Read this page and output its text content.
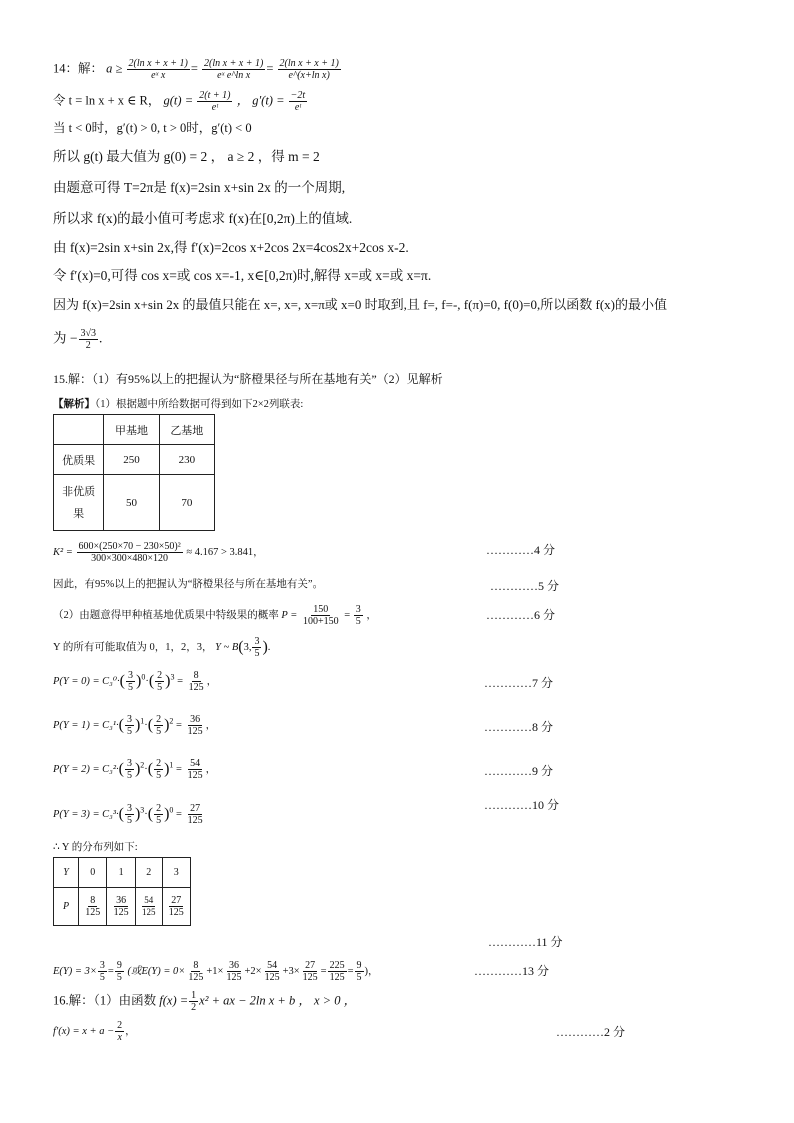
14：解： $a \ge \frac{\text{2(ln x + x + 1)}}{\text{eˣ x}} = \frac{\text{2(ln x + x + 1)}}{\text{eˣ e\textasciicircum{}ln x}} = \frac{\text{2(ln x + x + 1)}}{\text{e\textasciicircum{}(x+ln x)}}$
令 t = ln x + x ∈ R， $g(t) = \frac{2(t + 1)}{\text{eᵗ}}$ ， $g'(t) = \frac{-2t}{\text{eᵗ}}$
当 t < 0时，g′(t) > 0, t > 0时，g′(t) < 0
所以 g(t) 最大值为 g(0) = 2 ， a ≥ 2 ，得 m = 2
由题意可得 T=2π是 f(x)=2sin x+sin 2x 的一个周期,
所以求 f(x)的最小值可考虑求 f(x)在[0,2π)上的值域.
由 f(x)=2sin x+sin 2x,得 f′(x)=2cos x+2cos 2x=4cos2x+2cos x-2.
令 f′(x)=0,可得 cos x=或 cos x=-1, x∈[0,2π)时,解得 x=或 x=或 x=π.
因为 f(x)=2sin x+sin 2x 的最值只能在 x=, x=, x=π或 x=0 时取到,且 f=, f=-, f(π)=0, f(0)=0,所以函数 f(x)的最小值
为 − $\frac{3√3}{2}$ .
15.解：（1）有95%以上的把握认为“脐橙果径与所在基地有关”（2）见解析
【解析】（1）根据题中所给数据可得到如下2×2列联表:
	甲基地	乙基地
优质果	250	230
非优质
果	50	70
$K^2 = \frac{\text{600×(250×70 − 230×50)²}}{300\times 300\times 480\times 120} \approx 4.167 > 3.841$，	…………4 分
因此，有95%以上的把握认为“脐橙果径与所在基地有关”。	…………5 分
（2）由题意得甲种植基地优质果中特级果的概率 $P = \frac{150}{100+150} = \frac{3}{5}$ ，	…………6 分
Y 的所有可能取值为 0，1，2，3， Y ~ B(3, $\frac{3}{5}$ ).
$P(Y = 0) = C_3^0\cdot( \frac{3}{5} )^0\cdot( \frac{2}{5} )^3 = \frac{8}{125}$ ，	…………7 分
$P(Y = 1) = C_3^1\cdot( \frac{3}{5} )^1\cdot( \frac{2}{5} )^2 = \frac{36}{125}$ ，	…………8 分
$P(Y = 2) = C_3^2\cdot( \frac{3}{5} )^2\cdot( \frac{2}{5} )^1 = \frac{54}{125}$ ，	…………9 分
$P(Y = 3) = C_3^3\cdot( \frac{3}{5} )^3\cdot( \frac{2}{5} )^0 = \frac{27}{125}$	…………10 分
∴ Y 的分布列如下:
Y	0	1	2	3
P	$\frac{8}{125}$	$\frac{36}{125}$	$\frac{54}{125}$	$\frac{27}{125}$
…………11 分
$E(Y) = 3\times \frac{3}{5} = \frac{9}{5}$ (或$E(Y) = 0\times \frac{8}{125} +1\times \frac{36}{125} +2\times \frac{54}{125} +3\times \frac{27}{125} = \frac{225}{125} = \frac{9}{5}$ )，	…………13 分
16.解：（1）由函数 $f(x) = \frac{1}{2} x^2$ + ax − 2ln x + b ， x > 0 ，
$f'(x) = x + a - \frac{2}{x}$ ，	…………2 分
